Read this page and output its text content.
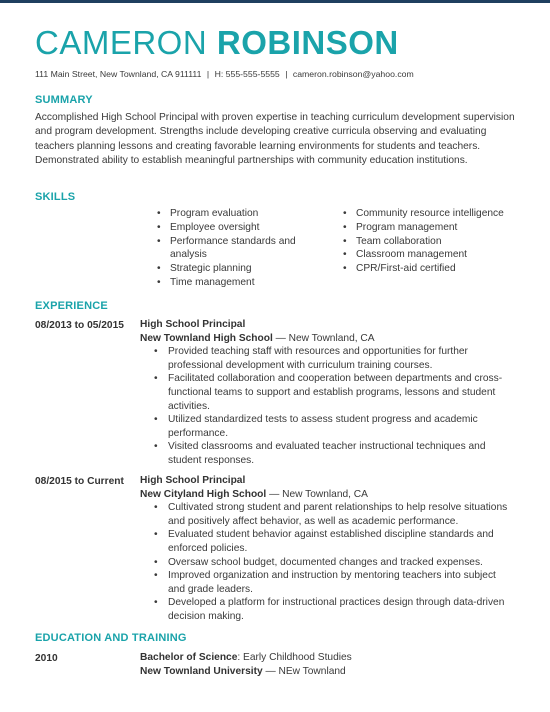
CAMERON ROBINSON
111 Main Street, New Townland, CA 911111 | H: 555-555-5555 | cameron.robinson@yahoo.com
SUMMARY
Accomplished High School Principal with proven expertise in teaching curriculum development supervision and program development. Strengths include developing creative curricula observing and evaluating teachers planning lessons and creating favorable learning environments for students and teachers. Demonstrated ability to establish meaningful partnerships with community education institutions.
SKILLS
• Program evaluation
• Employee oversight
• Performance standards and analysis
• Strategic planning
• Time management
• Community resource intelligence
• Program management
• Team collaboration
• Classroom management
• CPR/First-aid certified
EXPERIENCE
08/2013 to 05/2015 High School Principal
New Townland High School — New Townland, CA
• Provided teaching staff with resources and opportunities for further professional development with curriculum training courses.
• Facilitated collaboration and cooperation between departments and cross-functional teams to support and establish programs, lessons and student activities.
• Utilized standardized tests to assess student progress and academic performance.
• Visited classrooms and evaluated teacher instructional techniques and student responses.
08/2015 to Current High School Principal
New Cityland High School — New Townland, CA
• Cultivated strong student and parent relationships to help resolve situations and positively affect behavior, as well as academic performance.
• Evaluated student behavior against established discipline standards and enforced policies.
• Oversaw school budget, documented changes and tracked expenses.
• Improved organization and instruction by mentoring teachers into subject and grade leaders.
• Developed a platform for instructional practices design through data-driven decision making.
EDUCATION AND TRAINING
2010	Bachelor of Science: Early Childhood Studies
New Townland University — NEw Townland
